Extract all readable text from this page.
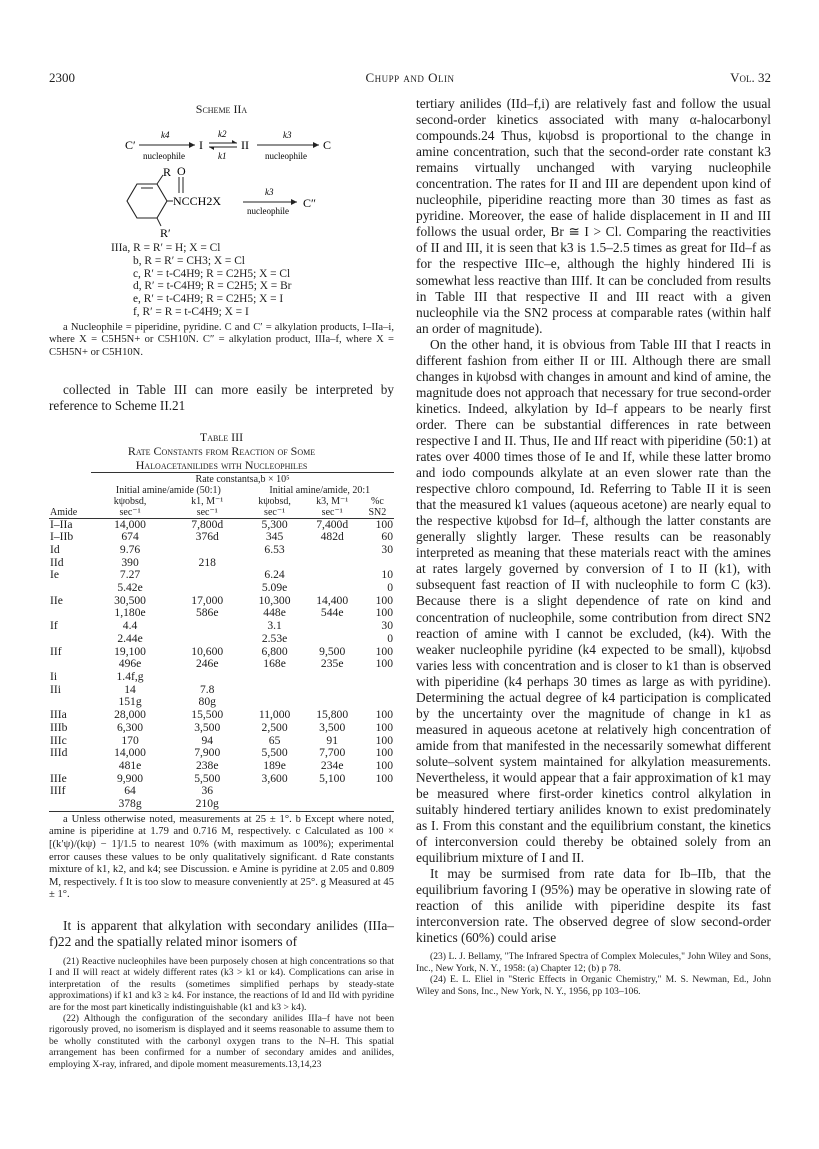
2300	Chupp and Olin	Vol. 32
Scheme IIa
C′
k4
nucleophile
I
k2
k1
II
k3
nucleophile
C
R O
NCCH2X
R′
k3
nucleophile
C″
IIIa, R = R′ = H; X = Cl
b, R = R′ = CH3; X = Cl
c, R′ = t-C4H9; R = C2H5; X = Cl
d, R′ = t-C4H9; R = C2H5; X = Br
e, R′ = t-C4H9; R = C2H5; X = I
f, R′ = R = t-C4H9; X = I

a Nucleophile = piperidine, pyridine. C and C′ = alkylation products, I–IIa–i, where X = C5H5N+ or C5H10N. C″ = alkylation product, IIIa–f, where X = C5H5N+ or C5H10N.

collected in Table III can more easily be interpreted by reference to Scheme II.21

Table III
Rate Constants from Reaction of Some
Haloacetanilides with Nucleophiles
	Rate constantsa,b × 10⁵				
	Initial amine/amide (50:1)		Initial amine/amide, 20:1		
	kψobsd,	k1, M⁻¹	kψobsd,	k3, M⁻¹	%c
Amide	sec⁻¹	sec⁻¹	sec⁻¹	sec⁻¹	SN2
I–IIa	14,000	7,800d	5,300	7,400d	100
I–IIb	674	376d	345	482d	60
Id	9.76		6.53		30
IId	390	218			
Ie	7.27		6.24		10
	5.42e		5.09e		0
IIe	30,500	17,000	10,300	14,400	100
	1,180e	586e	448e	544e	100
If	4.4		3.1		30
	2.44e		2.53e		0
IIf	19,100	10,600	6,800	9,500	100
	496e	246e	168e	235e	100
Ii	1.4f,g				
IIi	14	7.8			
	151g	80g			
IIIa	28,000	15,500	11,000	15,800	100
IIIb	6,300	3,500	2,500	3,500	100
IIIc	170	94	65	91	100
IIId	14,000	7,900	5,500	7,700	100
	481e	238e	189e	234e	100
IIIe	9,900	5,500	3,600	5,100	100
IIIf	64	36			
	378g	210g			

a Unless otherwise noted, measurements at 25 ± 1°. b Except where noted, amine is piperidine at 1.79 and 0.716 M, respectively. c Calculated as 100 × [(k′ψ)/(kψ) − 1]/1.5 to nearest 10% (with maximum as 100%); experimental error causes these values to be only qualitatively significant. d Rate constants mixture of k1, k2, and k4; see Discussion. e Amine is pyridine at 2.05 and 0.809 M, respectively. f It is too slow to measure conveniently at 25°. g Measured at 45 ± 1°.

It is apparent that alkylation with secondary anilides (IIIa–f)22 and the spatially related minor isomers of

(21) Reactive nucleophiles have been purposely chosen at high concentrations so that I and II will react at widely different rates (k3 > k1 or k4). Complications can arise in interpretation of the results (sometimes simplified perhaps by steady-state approximations) if k1 and k3 ≥ k4. For instance, the reactions of Id and IId with pyridine are for the most part kinetically indistinguishable (k1 and k3 > k4).

(22) Although the configuration of the secondary anilides IIIa–f have not been rigorously proved, no isomerism is displayed and it seems reasonable to assume them to be wholly constituted with the carbonyl oxygen trans to the N–H. This spatial arrangement has been confirmed for a number of secondary amides and anilides, employing X-ray, infrared, and dipole moment measurements.13,14,23

tertiary anilides (IId–f,i) are relatively fast and follow the usual second-order kinetics associated with many α-halocarbonyl compounds.24 Thus, kψobsd is proportional to the change in amine concentration, such that the second-order rate constant k3 remains virtually unchanged with varying nucleophile concentration. The rates for II and III are dependent upon kind of nucleophile, piperidine reacting more than 30 times as fast as pyridine. Moreover, the ease of halide displacement in II and III follows the usual order, Br ≅ I > Cl. Comparing the reactivities of II and III, it is seen that k3 is 1.5–2.5 times as great for IId–f as for the respective IIIc–e, although the highly hindered IIi is somewhat less reactive than IIIf. It can be concluded from results in Table III that respective II and III react with a given nucleophile via the SN2 process at comparable rates (within half an order of magnitude).

On the other hand, it is obvious from Table III that I reacts in different fashion from either II or III. Although there are small changes in kψobsd with changes in amount and kind of amine, the magnitude does not approach that necessary for true second-order kinetics. Indeed, alkylation by Id–f appears to be nearly first order. There can be substantial differences in rate between respective I and II. Thus, IIe and IIf react with piperidine (50:1) at rates over 4000 times those of Ie and If, while these latter bromo and iodo compounds alkylate at an even slower rate than the respective chloro compound, Id. Referring to Table II it is seen that the measured k1 values (aqueous acetone) are nearly equal to the respective kψobsd for Id–f, although the latter constants are generally slightly larger. These results can be reasonably interpreted as meaning that these materials react with the amines at rates largely governed by conversion of I to II (k1), with subsequent fast reaction of II with nucleophile to form C (k3). Because there is a slight dependence of rate on kind and concentration of nucleophile, some contribution from direct SN2 reaction of amine with I cannot be excluded, (k4). With the weaker nucleophile pyridine (k4 expected to be small), kψobsd varies less with concentration and is closer to k1 than is observed with piperidine (k4 perhaps 30 times as large as with pyridine). Determining the actual degree of k4 participation is complicated by the uncertainty over the magnitude of change in k1 as measured in aqueous acetone at relatively high concentration of amide from that manifested in the necessarily somewhat different solute–solvent system maintained for alkylation measurements. Nevertheless, it would appear that a fair approximation of k1 may be measured where first-order kinetics control alkylation in suitably hindered tertiary anilides known to exist predominately as I. From this constant and the equilibrium constant, the kinetics of interconversion could thereby be obtained solely from an equilibrium mixture of I and II.

It may be surmised from rate data for Ib–IIb, that the equilibrium favoring I (95%) may be operative in slowing rate of reaction of this anilide with piperidine despite its fast interconversion rate. The observed degree of slow second-order kinetics (60%) could arise

(23) L. J. Bellamy, "The Infrared Spectra of Complex Molecules," John Wiley and Sons, Inc., New York, N. Y., 1958: (a) Chapter 12; (b) p 78.

(24) E. L. Eliel in "Steric Effects in Organic Chemistry," M. S. Newman, Ed., John Wiley and Sons, Inc., New York, N. Y., 1956, pp 103–106.
